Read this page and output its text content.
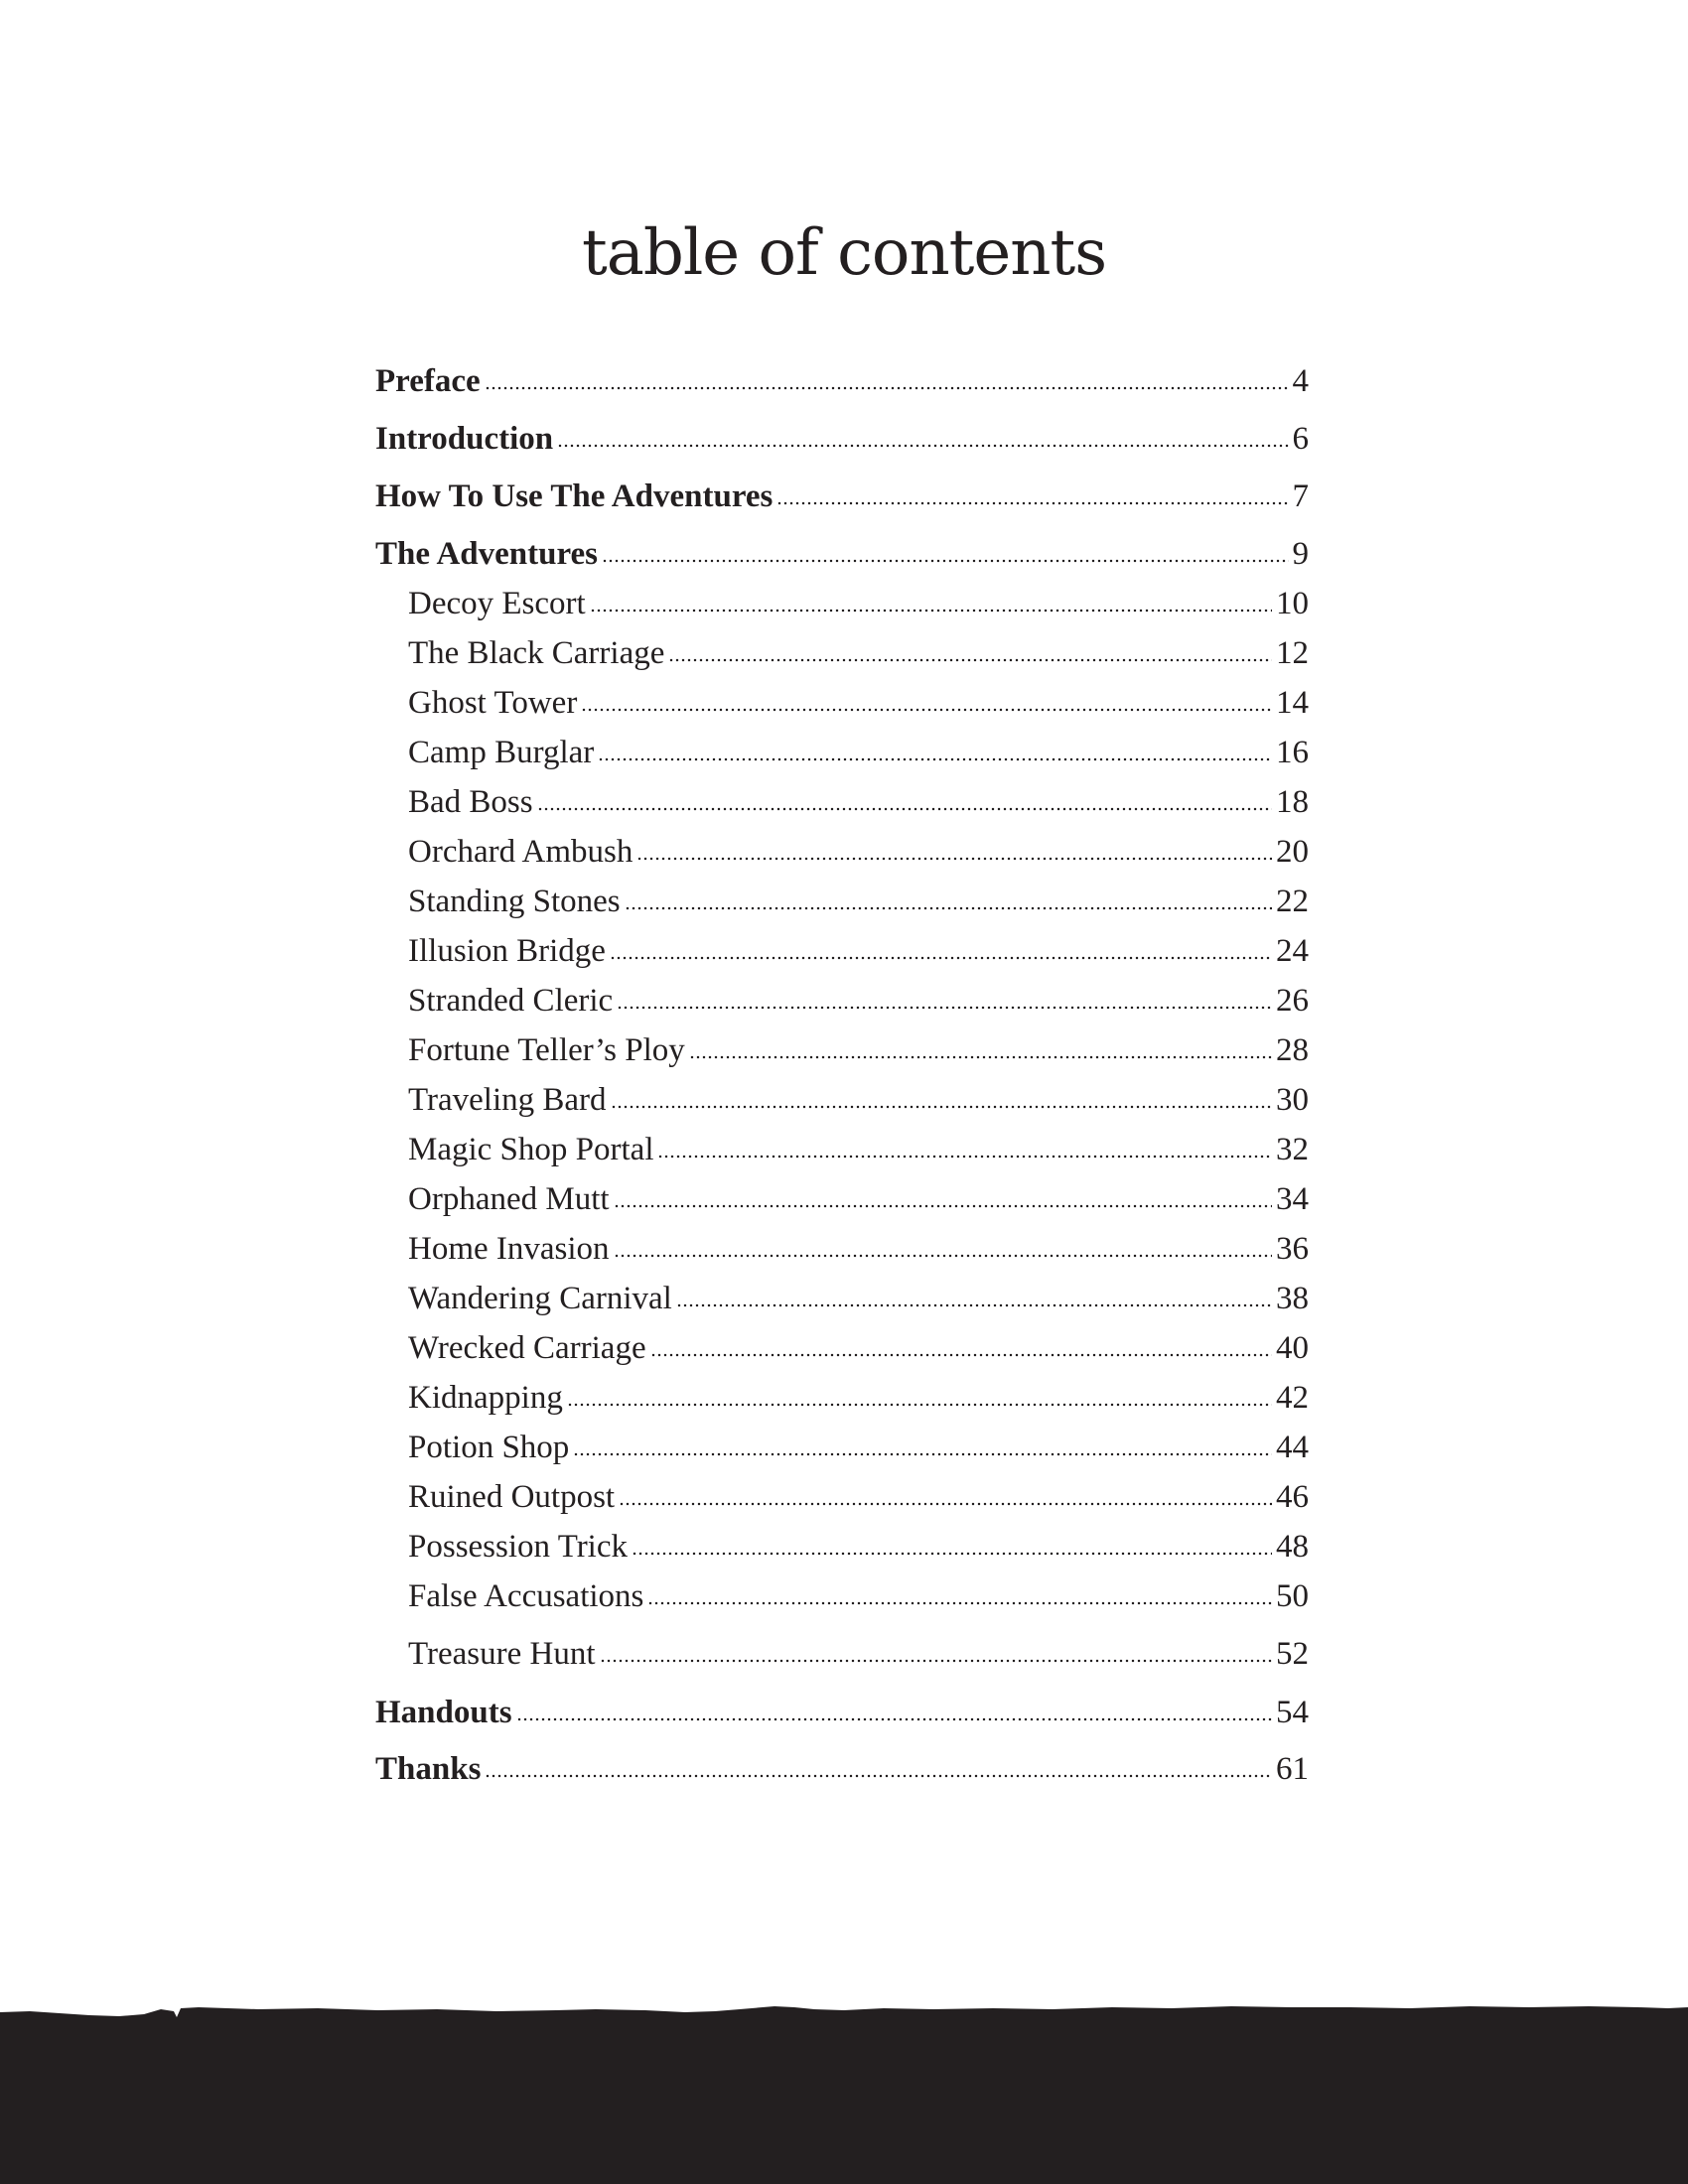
table of contents
Preface	4
Introduction	6
How To Use The Adventures	7
The Adventures	9
Decoy Escort	10
The Black Carriage	12
Ghost Tower	14
Camp Burglar	16
Bad Boss	18
Orchard Ambush	20
Standing Stones	22
Illusion Bridge	24
Stranded Cleric	26
Fortune Teller’s Ploy	28
Traveling Bard	30
Magic Shop Portal	32
Orphaned Mutt	34
Home Invasion	36
Wandering Carnival	38
Wrecked Carriage	40
Kidnapping	42
Potion Shop	44
Ruined Outpost	46
Possession Trick	48
False Accusations	50
Treasure Hunt	52
Handouts	54
Thanks	61
